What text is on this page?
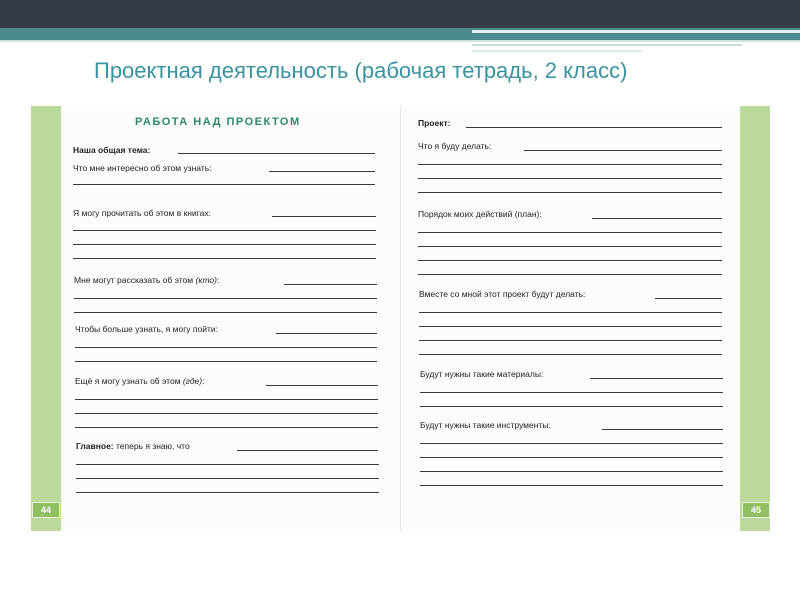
Проектная деятельность (рабочая тетрадь, 2 класс)
44	45
РАБОТА НАД ПРОЕКТОМ
Наша общая тема:
Что мне интересно об этом узнать:
Я могу прочитать об этом в книгах:
Мне могут рассказать об этом (кто):
Чтобы больше узнать, я могу пойти:
Ещё я могу узнать об этом (где):
Главное: теперь я знаю, что
Проект:
Что я буду делать:
Порядок моих действий (план):
Вместе со мной этот проект будут делать:
Будут нужны такие материалы:
Будут нужны такие инструменты:
